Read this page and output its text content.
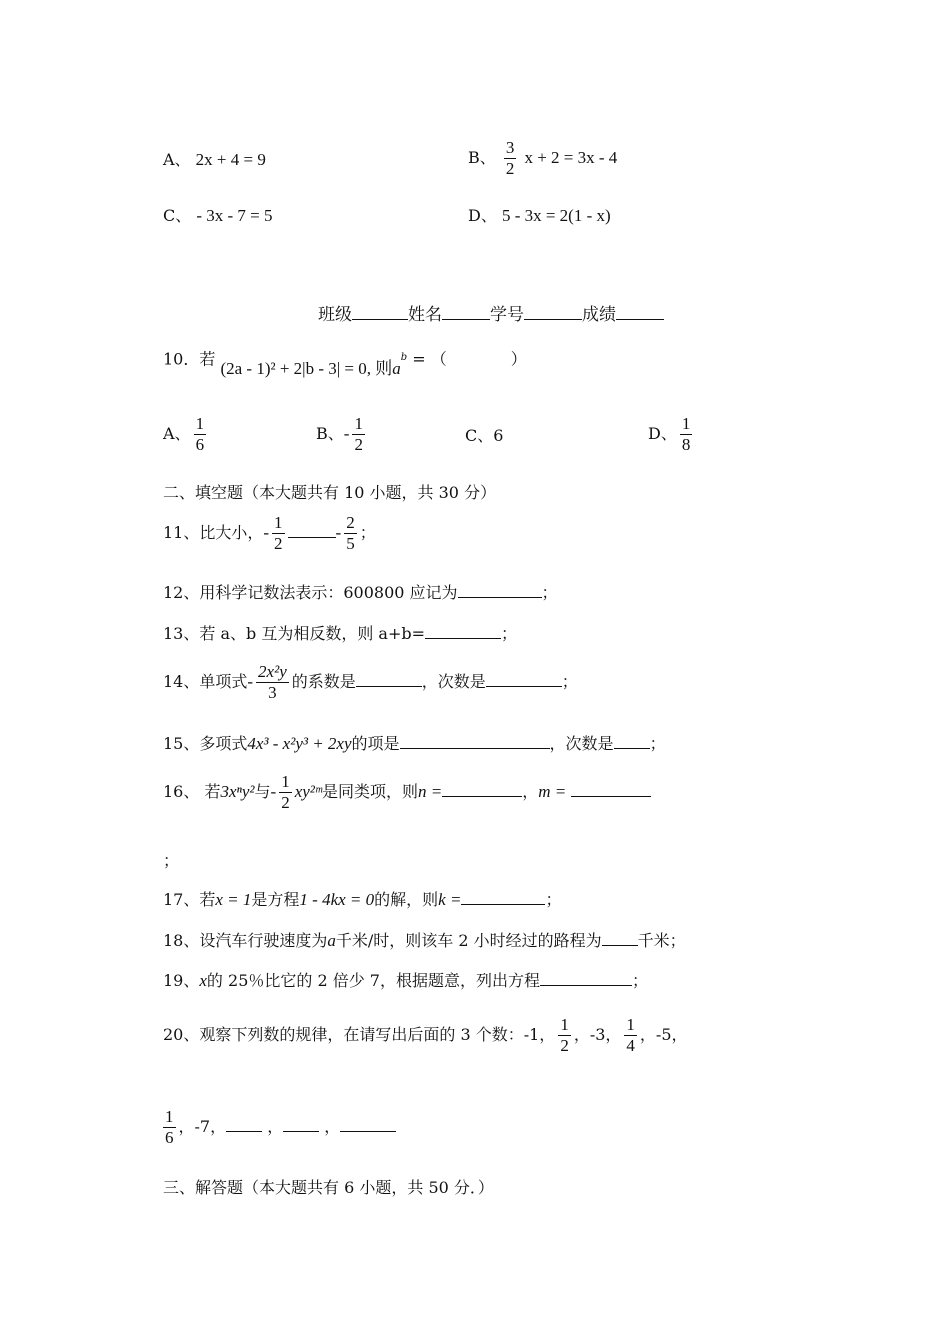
A、 2x + 4 = 9	B、 $\frac{3}{2}$ x + 2 = 3x - 4
C、 - 3x - 7 = 5	D、 5 - 3x = 2(1 - x)
班级	姓名	学号	成绩
10．若 (2a - 1)² + 2|b - 3| = 0, 则$a^b$ = （　　　　）
A、 $\frac{1}{6}$	B、- $\frac{1}{2}$	C、6	D、 $\frac{1}{8}$
二、填空题（本大题共有 10 小题，共 30 分）
11、比大小，- $\frac{1}{2}$	- $\frac{2}{5}$ ；
12、用科学记数法表示：600800 应记为	；
13、若 a、b 互为相反数，则 a+b=	；
14、单项式- $\frac{\text{2x²y}}{3}$ 的系数是	，次数是	；
15、多项式4x³ - x²y³ + 2xy的项是	，次数是 ；
16、 若3xⁿy²与- $\frac{1}{2}$ xy²ᵐ是同类项，则n =	，m =
；
17、若x = 1是方程1 - 4kx = 0的解，则k =	；
18、设汽车行驶速度为a千米/时，则该车 2 小时经过的路程为 千米；
19、x的 25％比它的 2 倍少 7，根据题意，列出方程	；
20、观察下列数的规律，在请写出后面的 3 个数：-1， $\frac{1}{2}$ ，-3， $\frac{1}{4}$ ，-5，
$\frac{1}{6}$ ，-7，	，	，
三、解答题（本大题共有 6 小题，共 50 分．）
